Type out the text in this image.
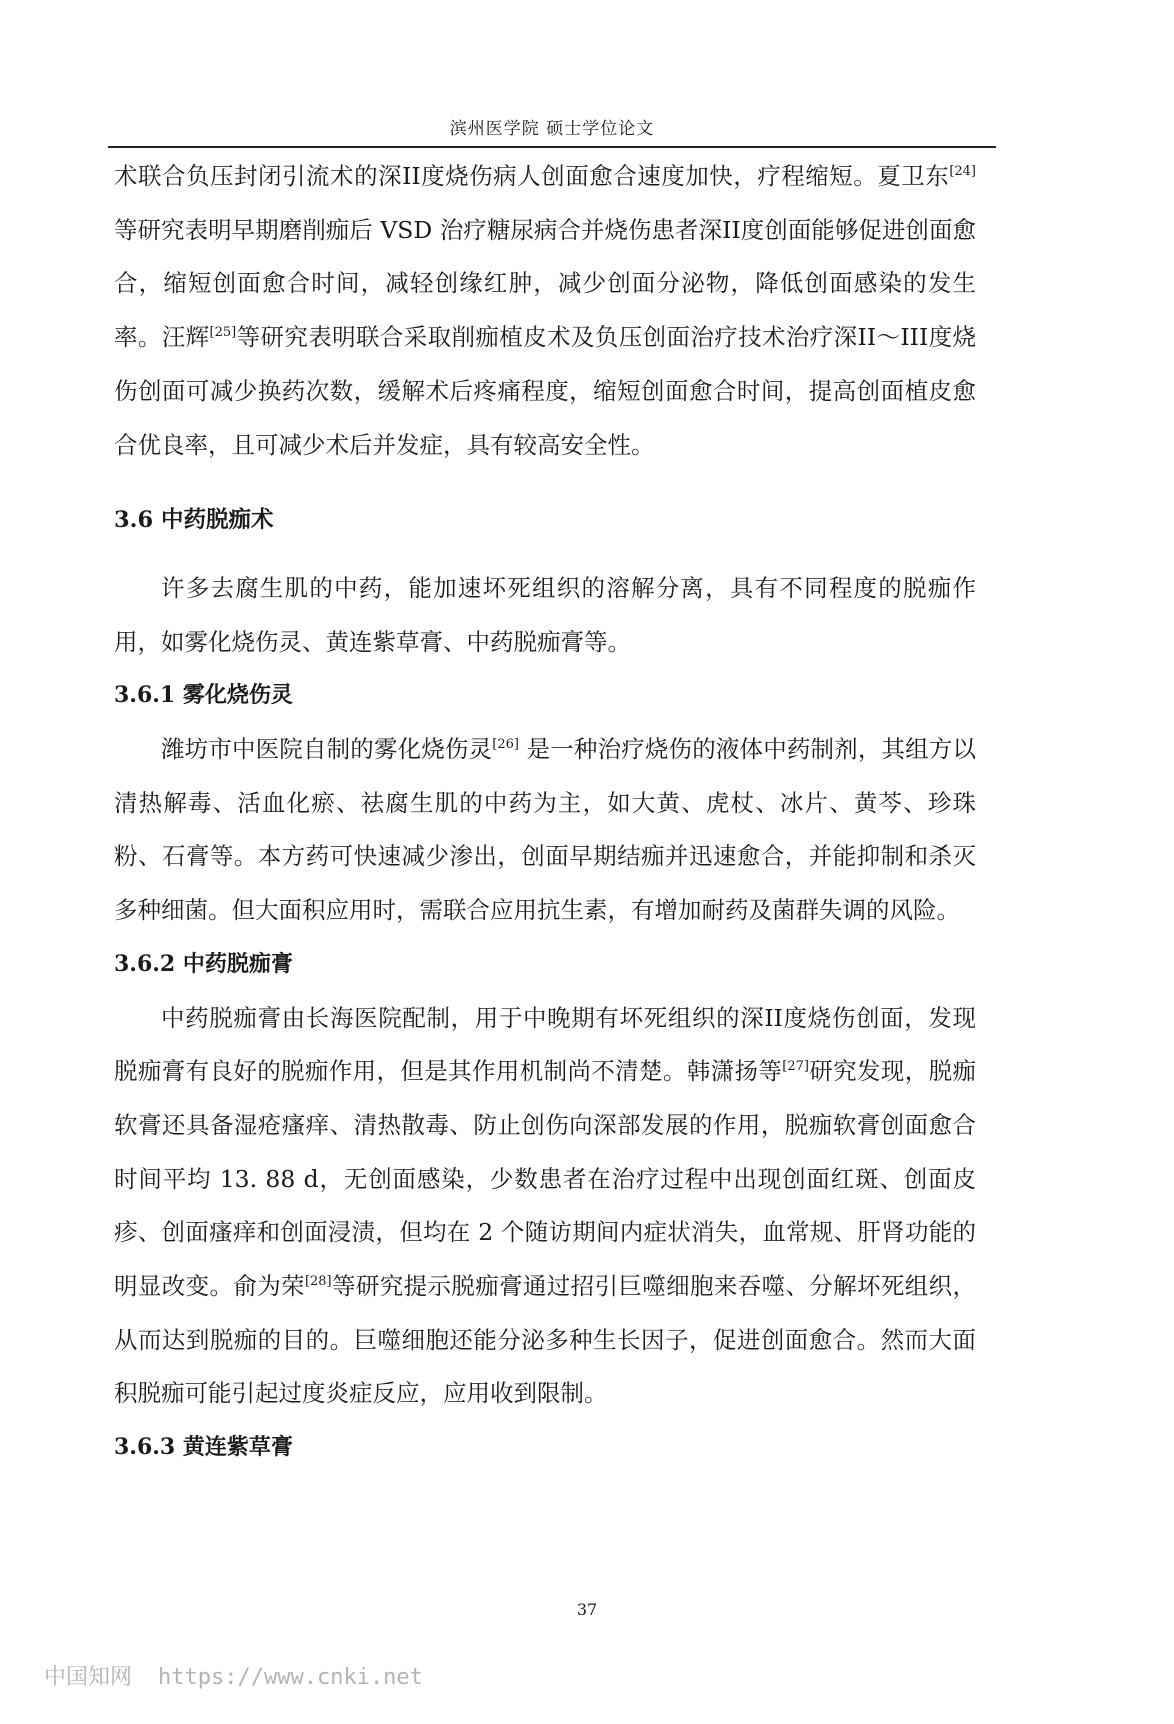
滨州医学院 硕士学位论文

术联合负压封闭引流术的深II度烧伤病人创面愈合速度加快，疗程缩短。夏卫东[24]等研究表明早期磨削痂后 VSD 治疗糖尿病合并烧伤患者深II度创面能够促进创面愈合，缩短创面愈合时间，减轻创缘红肿，减少创面分泌物，降低创面感染的发生率。汪辉[25]等研究表明联合采取削痂植皮术及负压创面治疗技术治疗深II～III度烧伤创面可减少换药次数，缓解术后疼痛程度，缩短创面愈合时间，提高创面植皮愈合优良率，且可减少术后并发症，具有较高安全性。

3.6 中药脱痂术

许多去腐生肌的中药，能加速坏死组织的溶解分离，具有不同程度的脱痂作用，如雾化烧伤灵、黄连紫草膏、中药脱痂膏等。

3.6.1 雾化烧伤灵

潍坊市中医院自制的雾化烧伤灵[26] 是一种治疗烧伤的液体中药制剂，其组方以清热解毒、活血化瘀、祛腐生肌的中药为主，如大黄、虎杖、冰片、黄芩、珍珠粉、石膏等。本方药可快速减少渗出，创面早期结痂并迅速愈合，并能抑制和杀灭多种细菌。但大面积应用时，需联合应用抗生素，有增加耐药及菌群失调的风险。

3.6.2 中药脱痂膏

中药脱痂膏由长海医院配制，用于中晚期有坏死组织的深II度烧伤创面，发现脱痂膏有良好的脱痂作用，但是其作用机制尚不清楚。韩潇扬等[27]研究发现，脱痂软膏还具备湿疮瘙痒、清热散毒、防止创伤向深部发展的作用，脱痂软膏创面愈合时间平均 13. 88 d，无创面感染，少数患者在治疗过程中出现创面红斑、创面皮疹、创面瘙痒和创面浸渍，但均在 2 个随访期间内症状消失，血常规、肝肾功能的明显改变。俞为荣[28]等研究提示脱痂膏通过招引巨噬细胞来吞噬、分解坏死组织，从而达到脱痂的目的。巨噬细胞还能分泌多种生长因子，促进创面愈合。然而大面积脱痂可能引起过度炎症反应，应用收到限制。

3.6.3 黄连紫草膏
37
中国知网 https://www.cnki.net
